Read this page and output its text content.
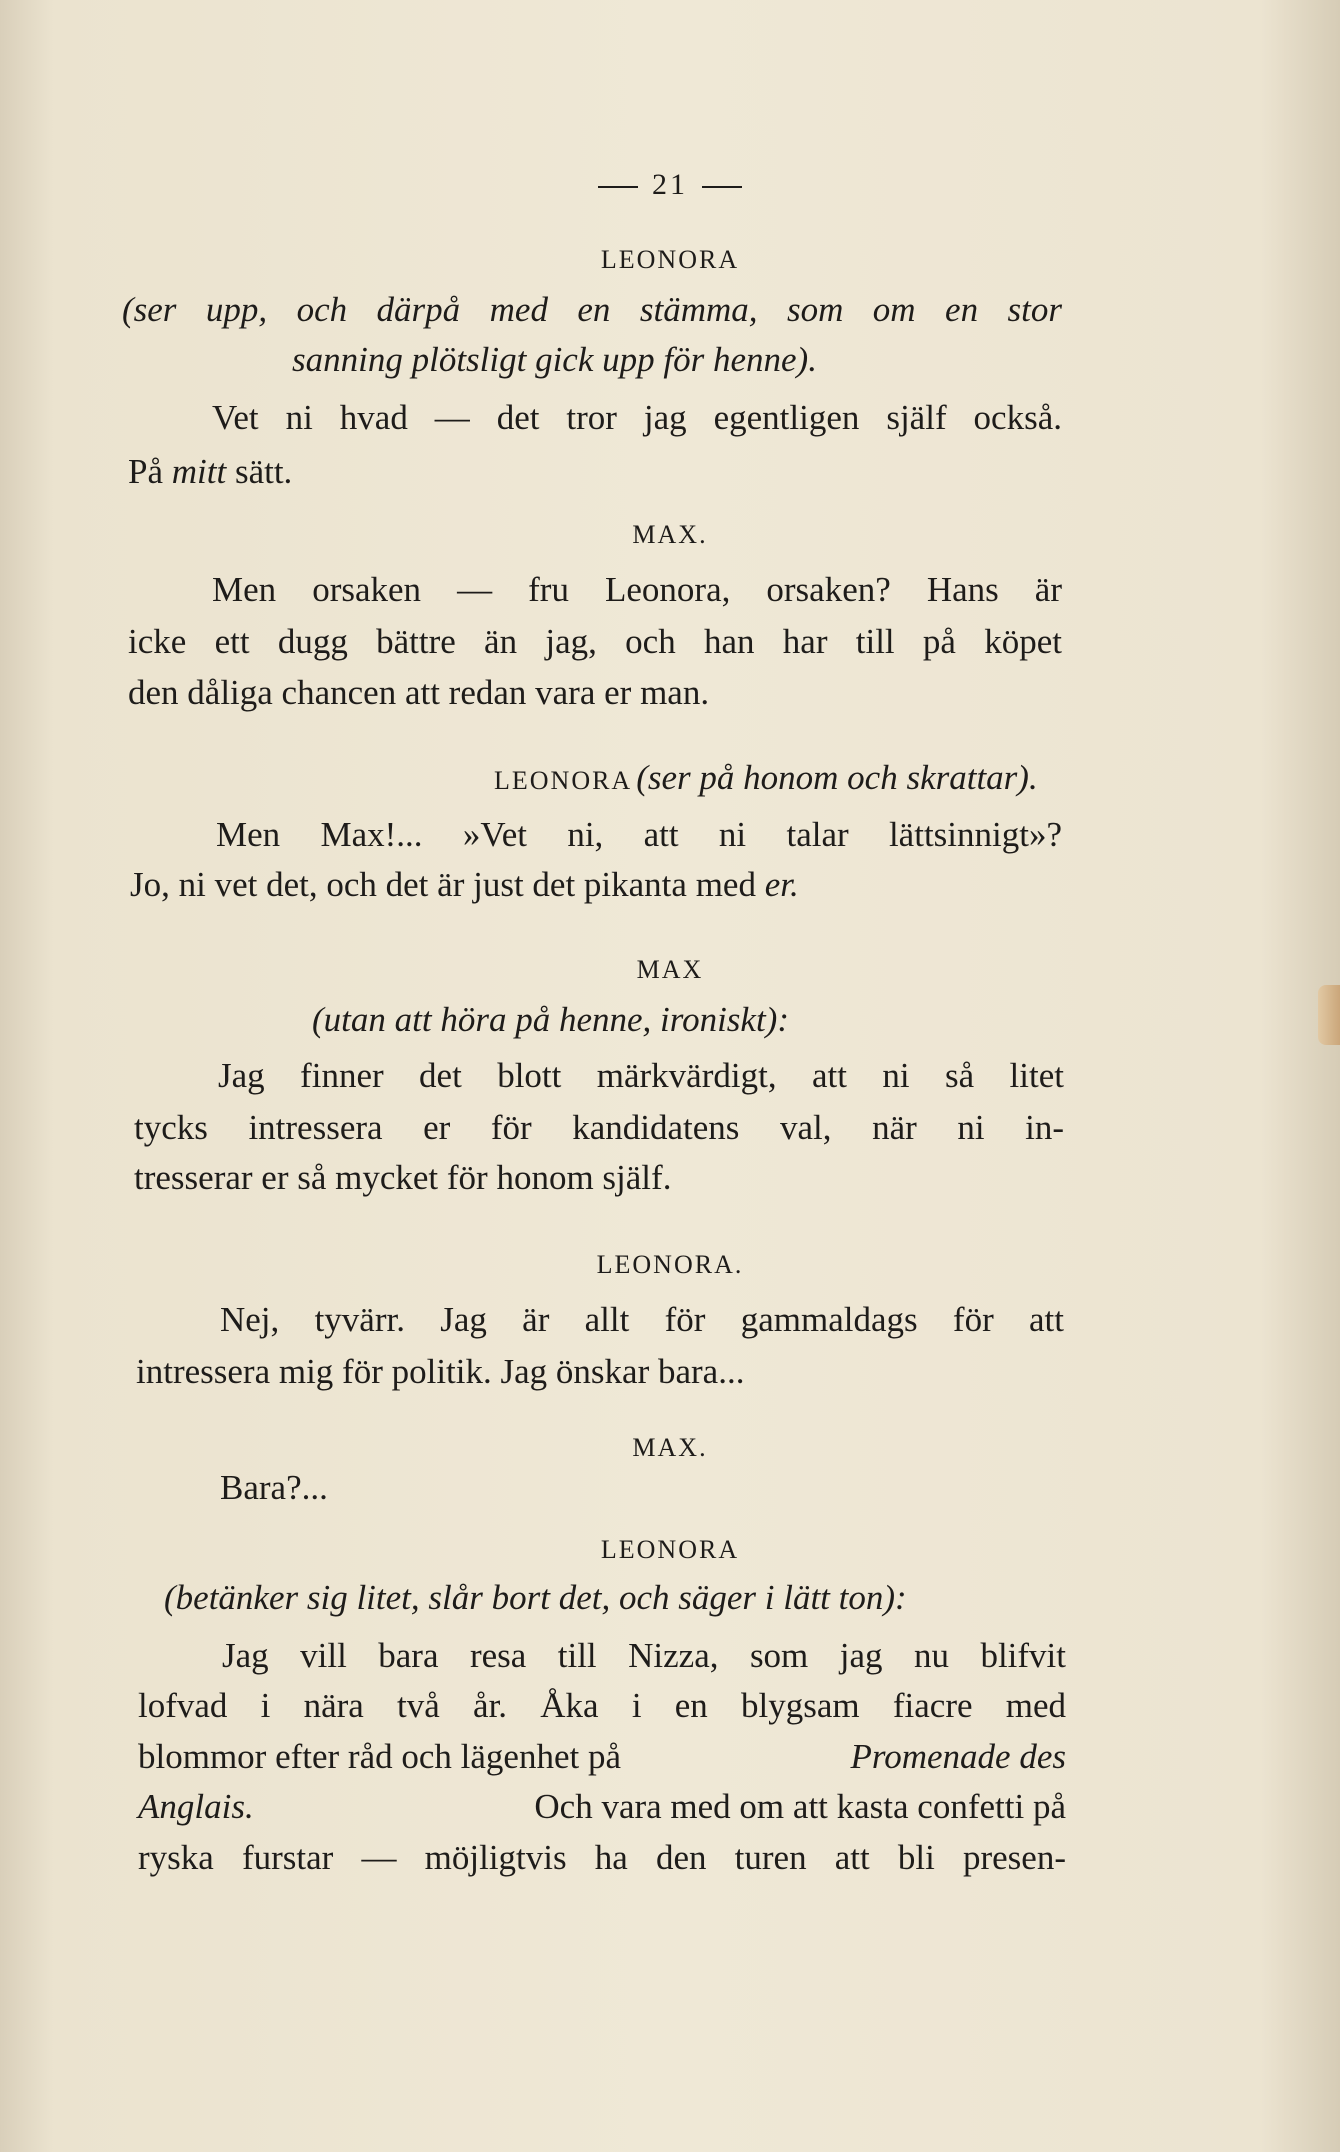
21
LEONORA
(ser upp, och därpå med en stämma, som om en stor
sanning plötsligt gick upp för henne).
Vet ni hvad — det tror jag egentligen själf också.
På mitt sätt.
MAX.
Men orsaken — fru Leonora, orsaken? Hans är
icke ett dugg bättre än jag, och han har till på köpet
den dåliga chancen att redan vara er man.
LEONORA (ser på honom och skrattar).
Men Max!... »Vet ni, att ni talar lättsinnigt»?
Jo, ni vet det, och det är just det pikanta med er.
MAX
(utan att höra på henne, ironiskt):
Jag finner det blott märkvärdigt, att ni så litet
tycks intressera er för kandidatens val, när ni in-
tresserar er så mycket för honom själf.
LEONORA.
Nej, tyvärr. Jag är allt för gammaldags för att
intressera mig för politik. Jag önskar bara...
MAX.
Bara?...
LEONORA
(betänker sig litet, slår bort det, och säger i lätt ton):
Jag vill bara resa till Nizza, som jag nu blifvit
lofvad i nära två år. Åka i en blygsam fiacre med
blommor efter råd och lägenhet på	Promenade des
Anglais.	Och vara med om att kasta confetti på
ryska furstar — möjligtvis ha den turen att bli presen-
